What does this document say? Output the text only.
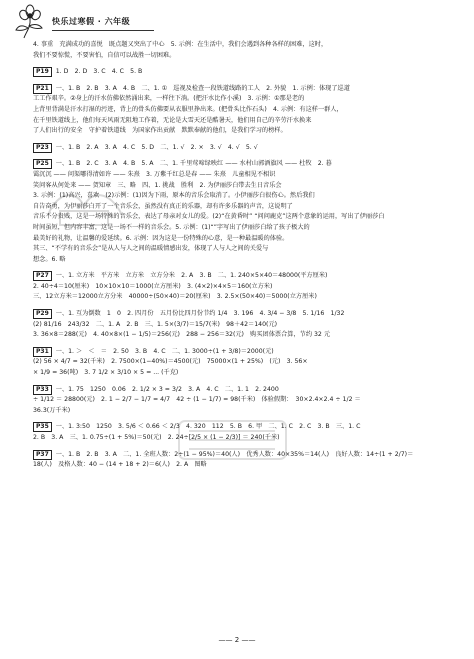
快乐过寒假 · 六年级
4. 事重　充满成功的喜悦　既点题又突出了中心　5. 示例：在生活中，我们会遇到各种各样的困难，这时，
我们不要惊慌，不要害怕，自信可以战胜一切困难。
P19 1. D　2. D　3. C　4. C　5. B
P21 一、1. B　2. B　3. A　4. B　二、1. ①　巡视及检查一段铁道线路的工人　2. 外貌　1. 示例：体现了巡道
工工作艰辛。②身上的汗水仿佛依然涌出来，一样往下淌。(把汗水比作小溪)　3. 示例：①那是老的
上背里背满是汗水打湿的污迹，背上的骨头仿佛要从衣服里挣出来。(把骨头比作石头)　4. 示例：有这样一群人，
在千里铁道线上，他们每天风雨无阻地工作着，无论是大雪天还是酷暑天，他们用自己的辛劳汗水换来
了人们出行的安全　守护着铁道线　为国家作出贡献　默默奉献的他们，是我们学习的榜样。
P23 一、1. B　2. A　3. A　4. C　5. D　二、1. √　2. ×　3. √　4. √　5. √
P25 一、1. B　2. C　3. A　4. B　5. A　二、1. 千里莺啼绿映红 —— 水村山郭酒旗风 —— 杜牧　2. 暮
霭沉沉 —— 问渠哪得清如许 —— 朱熹　3. 万紫千红总是春 —— 朱熹　儿童相见不相识
笑问客从何处来 —— 贺知章　三、略　四、1. 挑战　胜利　2. 为伊丽莎白带去生日音乐会
3. 示例：(1)高兴，喜欢　(2)示例：(1)因为下雨，原本的音乐会取消了。小伊丽莎白很伤心。然后我们
自告奋勇，为伊丽莎白开了一个音乐会，虽然没有真正的乐器，却有许多乐器的声音，这说明了
音乐不分贵贱，这是一场特殊的音乐会，表达了母亲对女儿的爱。(2)“在黄昏时” “问问鹿克”这两个意象的运用，写出了伊丽莎白
时间虽短，但内容丰富，这是一场不一样的音乐会。5. 示例：(1)“”字写出了伊丽莎白给了孩子极大的
最美好的礼物，让温馨的爱延续。6. 示例：因为这是一份特殊的心意，是一种最温暖的体验。
其三、“不学有的音乐会”是从人与人之间的温暖情感出发，体现了人与人之间的关爱与
想念。6. 略
P27 一、1. 立方米　平方米　立方米　立方分米　2. A　3. B　二、1. 240×5×40＝48000(平方厘米)
2. 40÷4＝10(厘米)　10×10×10＝1000(立方厘米)　3. (4×2)×4×5＝160(立方米)
三、12立方米＝12000立方分米　40000÷(50×40)＝20(厘米)　3. 2.5×(50×40)＝5000(立方厘米)
P29 一、1. 互为倒数　1　0　2. 四月份　五月份比四月份节约 1/4　3. 196　4. 3/4 − 3/8　5. 1/16　1/32
(2) 81/16　243/32　二、1. A　2. B　三、1. 5×(3/7)＝15/7(米)　98＋42＝140(元)
3. 36×8＝288(元)　4. 40×8×(1 − 1/5)＝256(元)　288 − 256＝32(元)　购买团体票合算，节约 32 元
P31 一、1. ＞　＜　＝　2. 50　3. B　4. C　二、1. 3000÷(1 + 3/8)＝2000(元)
(2) 56 × 4/7 = 32(千米)　2. 7500×(1−40%)＝4500(元)　75000×(1 + 25%)　(元)　3. 56×
× 1/9 = 36(吨)　3. 7 1/2 × 3/10 × 5 = ... (千克)
P33 一、1. 75　1250　0.06　2. 1/2 × 3 = 3/2　3. A　4. C　二、1. 1　2. 2400
÷ 1/12 ＝ 28800(元)　2. 1 − 2/7 − 1/7 = 4/7　42 ÷ (1 − 1/7) = 98(千米)　体验假期：　30×2.4×2.4 ÷ 1/2 ＝
36.3(万千米)
P35 一、1. 3:50　1250　3. 5/6 ＜ 0.66 ＜ 2/3　4. 320　112　5. B　6. 甲　二、1. C　2. C　3. B　三、1. C
2. B　3. A　三、1. 0.75÷(1 + 5%)＝50(元)　2. 24÷[2/5 × (1 − 2/3)] ＝ 240(千米)
P37 一、1. B　2. B　3. A　二、1. 全班人数：2÷(1 − 95%)＝40(人)　优秀人数：40×35%＝14(人)　良好人数：14÷(1 + 2/7)＝
18(人)　及格人数：40 − (14 + 18 + 2)＝6(人)　2. A　图略
—— 2 ——
